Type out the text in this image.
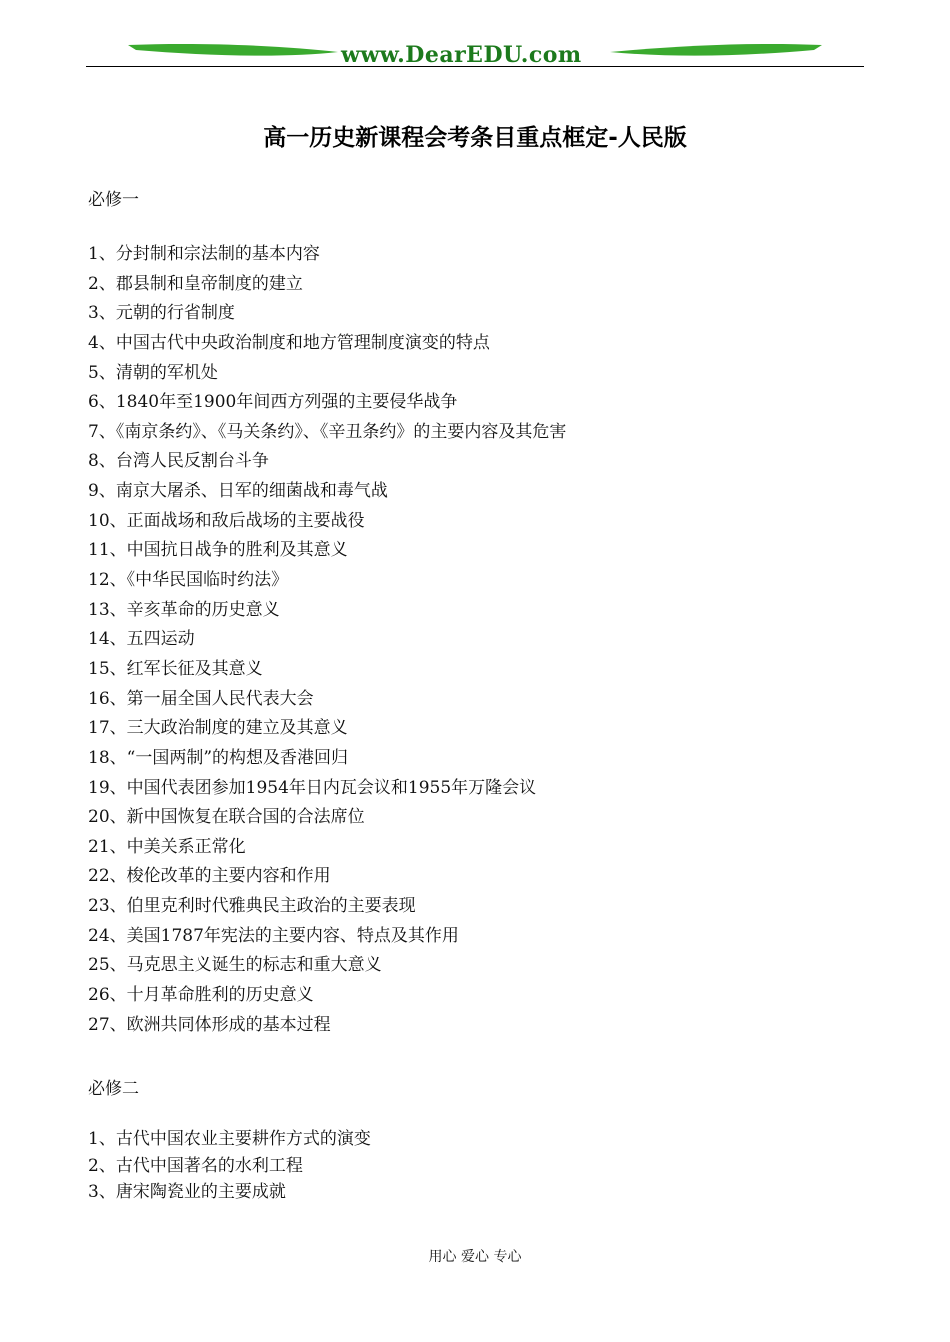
www.DearEDU.com
高一历史新课程会考条目重点框定-人民版
必修一
1、分封制和宗法制的基本内容
2、郡县制和皇帝制度的建立
3、元朝的行省制度
4、中国古代中央政治制度和地方管理制度演变的特点
5、清朝的军机处
6、1840年至1900年间西方列强的主要侵华战争
7、《南京条约》、《马关条约》、《辛丑条约》的主要内容及其危害
8、台湾人民反割台斗争
9、南京大屠杀、日军的细菌战和毒气战
10、正面战场和敌后战场的主要战役
11、中国抗日战争的胜利及其意义
12、《中华民国临时约法》
13、辛亥革命的历史意义
14、五四运动
15、红军长征及其意义
16、第一届全国人民代表大会
17、三大政治制度的建立及其意义
18、“一国两制”的构想及香港回归
19、中国代表团参加1954年日内瓦会议和1955年万隆会议
20、新中国恢复在联合国的合法席位
21、中美关系正常化
22、梭伦改革的主要内容和作用
23、伯里克利时代雅典民主政治的主要表现
24、美国1787年宪法的主要内容、特点及其作用
25、马克思主义诞生的标志和重大意义
26、十月革命胜利的历史意义
27、欧洲共同体形成的基本过程
必修二
1、古代中国农业主要耕作方式的演变
2、古代中国著名的水利工程
3、唐宋陶瓷业的主要成就
用心 爱心 专心
